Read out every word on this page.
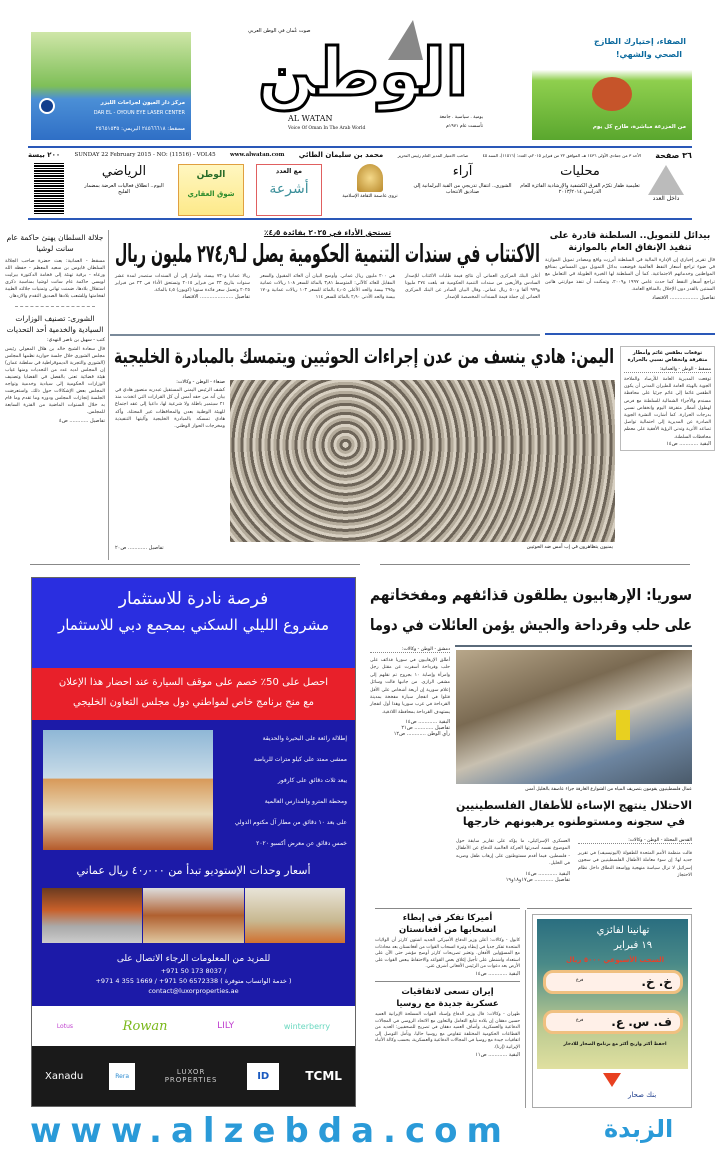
مركز دار العيون لجراحات الليزر
DAR EL - OYOUN EYE LASER CENTER
مسقط: ٢٤٥٦٦٦١٨ البريمي: ٢٥٦٥١٥٣٥
صوت عُمان في الوطن العربي
الوطن
AL WATAN
Voice Of Oman In The Arab World
يومية . سياسية . جامعة
تأسست عام ١٩٧١م
الصفاء، إختيارك الطازج
الصحي والشهي!
من المزرعة مباشرة، طازج كل يوم
٣٦ صفحة
الأحد ٣ من جمادى الأولى ١٤٣٦ هـ، الموافق ٢٢ من فبراير ٢٠١٥م، العدد: (١١٥١٦)، السنة ٤٥
صاحب الامتياز المدير العام رئيس التحرير
محمد بن سليمان الطائي
www.alwatan.com
SUNDAY 22 February 2015 - NO: (11516) - VOL45
٢٠٠ بيسة
داخل العدد
محليات
تعليمية ظفار تكرّم الفرق الكشفية والإرشادية الفائزة للعام الدراسي ٢٠١٣/٢٠١٤
آراء
الشورى.. انتقال تدريجي من القبة البرلمانية إلى صناديق الانتخاب
نزوى عاصمة الثقافة الإسلامية
مع العدد
أشرعة
الوطن
شوق العقاري
الرياضي
اليوم.. انطلاق فعاليات العرضة بمضمار الفليج
بيدائل للتمويل.. السلطنة قادرة على تنفيذ الإنفاق العام بالموازنة
قال تقرير إخباري إن الإدارة المالية في السلطنة أبرزت واقع ومصادر تمويل الموازنة في ضوء تراجع أسعار النفط العالمية فوضعت بدائل التمويل دون المساس بمنافع المواطنين وخدماتهم الاجتماعية. كما أن السلطنة لها الخبرة الطويلة في التعامل مع تراجع أسعار النفط كما حدث عامي ١٩٩٧ و٢٠٠٩، وتمكنت أن تنفذ موازنتي هاتين السنتين بالقدر دون الإخلال بالمنافع العامة.
تفاصيل .................. الاقتصاد
تستحق الأداء في ٢٠٢٥ بفائدة ٤٫٥٪
الاكتتاب في سندات التنمية الحكومية يصل لـ٢٧٤٫٩ مليون ريال
أعلن البنك المركزي العماني أن نتائج قيمة طلبات الاكتتاب للإصدار السادس والأربعين من سندات التنمية الحكومية قد بلغت ٢٧٤ مليونا و٩٧٩ ألفا و٥٠٠ ريال عماني. وقال البيان الصادر عن البنك المركزي العماني إن جملة قيمة السندات المخصصة للإصدار
هي ٢٠٠ مليون ريال عماني. وأوضح البيان أن العائد المقبول والسعر المقابل للعائد كالآتي: المتوسط ٣٫٨١ بالمائة للسعر ١٠٨ ريالات عمانية و٢٩٥ بيسة والحد الأعلى ٤٫٠٥ بالمائة للسعر ١٠٣ ريالات عمانية و١٧٠ بيسة والحد الأدنى ٢٫٩٠ بالمائة للسعر ١١٤
ريالا عمانيا و٧٣٠ بيسة، وأشار إلى أن السندات ستصدر لمدة عشر سنوات بتاريخ ٢٣ من فبراير ٢٠١٥ وتستحق الأداء في ٢٣ من فبراير ٢٠٢٥ وتحمل سعر فائدة سنويا (كوبون) ٤٫٥ بالمائة.
تفاصيل ..................... الاقتصاد
جلالة السلطان يهنئ حاكمة عام سانت لوشيا
مسقط - العمانية: بعث حضرة صاحب الجلالة السلطان قابوس بن سعيد المعظم - حفظه الله ورعاه - برقية تهنئة إلى فخامة الدكتورة بيرليت لويسي حاكمة عام سانت لوشيا بمناسبة ذكرى استقلال بلادها، ضمنت تهاني وتمنيات جلالته الطيبة لفخامتها وللشعب بلادها الصديق التقدم والازدهار.
الشورى: تصنيف الوزارات السيادية والخدمية أحد التحديات
كتب - سهيل بن ناصر النهدي:
قال سعادة الشيخ خالد بن هلال المعولي رئيس مجلس الشورى خلال جلسة حوارية نظمها المجلس (الشورى والتجربة الديموقراطية في سلطنة عمان) إن المجلس لديه عدد من التحديات ومنها غياب هيئة قضائية تعنى بالفصل في القضايا وتصنيف الوزارات الحكومية إلى سيادية وخدمية وتواجه المجلس بعض الإشكالات حول ذلك. واستعرضت الجلسة إنجازات المجلس ودوره وما تقدم وما قام به خلال السنوات الماضية من الفترة السابعة للمجلس.
تفاصيل ............ ص٤
اليمن: هادي ينسف من عدن إجراءات الحوثيين ويتمسك بالمبادرة الخليجية
صنعاء - الوطن - وكالات:
كشف الرئيس اليمني المستقيل عبدربه منصور هادي في بيان أنه من حقه أمس أن كل القرارات التي اتخذت منذ ٢١ سبتمبر باطلة ولا شرعية لها، داعيا إلى عقد اجتماع للهيئة الوطنية بعدن والمحافظات غير المحتلة. وأكد هادي تمسكه بالمبادرة الخليجية وآليتها التنفيذية ومخرجات الحوار الوطني.
يمنيون يتظاهرون في إب أمس ضد الحوثيين
تفاصيل ............ ص٢٠
توقعات بطقس غائم وأمطار متفرقة وانخفاض نسبي بالحرارة
مسقط - الوطن - والعمانية:
توقعت المديرية العامة للأرصاد والملاحة الجوية بالهيئة العامة للطيران المدني أن يكون الطقس غائما إلى غائم جزئيا على محافظة مسندم والأجزاء الشمالية للسلطنة مع فرص لهطول أمطار متفرقة اليوم وانخفاض نسبي بدرجات الحرارة. كما أشارت النشرة الجوية الصادرة عن المديرية إلى احتمالية تواصل تصاعد الأتربة وتدني الرؤية الأفقية على معظم محافظات السلطنة.
البقية ............ ص١٤
فرصة نادرة للاستثمار
مشروع الليلي السكني بمجمع دبي للاستثمار
احصل على 50٪ خصم على موقف السيارة عند احضار هذا الإعلان
مع منح برنامج خاص لمواطني دول مجلس التعاون الخليجي
إطلالة رائعة على البحيرة والحديقة
ممشى ممتد على كيلو مترات للرياضة
يبعد ثلاث دقائق على كارفور
ومحطة المترو والمدارس العالمية
على بعد ١٠ دقائق من مطار آل مكتوم الدولي
خمس دقائق عن معرض أكسبو ٢٠٢٠
أسعار وحدات الإستوديو تبدأ من ٤٠٫٠٠٠ ريال عماني
للمزيد من المعلومات الرجاء الاتصال على
+971 50 173 8037 /
+971 4 355 1669 / +971 50 6572338 ( خدمة الواتساب متوفرة )
contact@luxorproperties.ae
Lotus	Rowan	LILY	winterberry
Xanadu	Rera	LUXOR PROPERTIES	ID	TCML
سوريا: الإرهابيون يطلقون قذائفهم ومفخخاتهم
على حلب وقرداحة والجيش يؤمن العائلات في دوما
دمشق - الوطن - وكالات:
أطلق الإرهابيون في سوريا قذائف على حلب وقرداحة أسفرت عن مقتل رجل وامرأة وإصابة ١٠ بجروح تم نقلهم إلى مشفى الرازي. من جانبها قالت وسائل إعلام سورية إن أربعة أشخاص على الأقل قتلوا في انفجار سيارة مفخخة بمدينة القرداحة في غرب سوريا وهذا أول انفجار يستهدف القرداحة بمحافظة اللاذقية.
البقية ............ ص١٤
تفاصيل ............ ص٢١
رأي الوطن ............ ص١٢
عمال فلسطينيون يقومون بتصريف المياه من الشوارع الغارقة جراء عاصفة بالخليل أمس
الاحتلال ينتهج الإساءة للأطفال الفلسطينيين
في سجونه ومستوطنوه يرهبونهم خارجها
القدس المحتلة - الوطن - وكالات:
قالت منظمة الأمم المتحدة للطفولة (اليونيسيف) في تقرير جديد لها: إن سوء معاملة الأطفال الفلسطينيين في سجون إسرائيل لا تزال سياسة منهجية وواسعة النطاق داخل نظام الاحتجاز
العسكري الإسرائيلي، ما يؤكد على تقارير سابقة حول الموضوع نفسه أصدرتها الحركة العالمية للدفاع عن الأطفال - فلسطين، فيما أقدم مستوطنون على إرهاب طفل وضربه في الخليل.
البقية ............ ص١٤
تفاصيل ............ ص١٧و١٨و١٩
أميركا تفكر في إبطاء انسحابها من أفغانستان
كابول - وكالات: أعلن وزير الدفاع الأميركي الجديد اشتون كارتر أن الولايات المتحدة تفكر جديا في إبطاء وتيرة انسحاب القوات من أفغانستان بعد محادثات مع المسؤولين الأفغان. وتعتبر تصريحات كارتر أوضح مؤشر حتى الآن على استعداد واشنطن على تأجيل إغلاق بعض القواعد والاحتفاظ ببعض القوات على الأرض بعد دعوات من الرئيس الأفغاني أشرف غني.
البقية ............ ص١٤
إيران تسعى لاتفاقيات عسكرية جديدة مع روسيا
طهران - وكالات: قال وزير الدفاع وإسناد القوات المسلحة الإيرانية العميد حسين دهقان إن بلاده تتابع التعامل والتعاون مع الاتحاد الروسي في المجالات الدفاعية والعسكرية. وأضاف العميد دهقان في تصريح للصحفيين: العديد من القطاعات الحكومية المختلفة تتفاوض مع روسيا حاليا، ونأمل التوصل إلى اتفاقيات جيدة مع روسيا في المجالات الدفاعية والعسكرية، بحسب وكالة الأنباء الإيرانية (إرنا).
البقية ............ ص١١
تهانينا لفائزي
١٩ فبراير
السحب الأسبوعي ٥٠٠٠ ريال
خ. خ.
فرع
ف. س. ع.
فرع
احفظ أكثر واربح أكثر مع برنامج الصحار للادخار
بنك صحار
www.alzebda.com	الزبدة
